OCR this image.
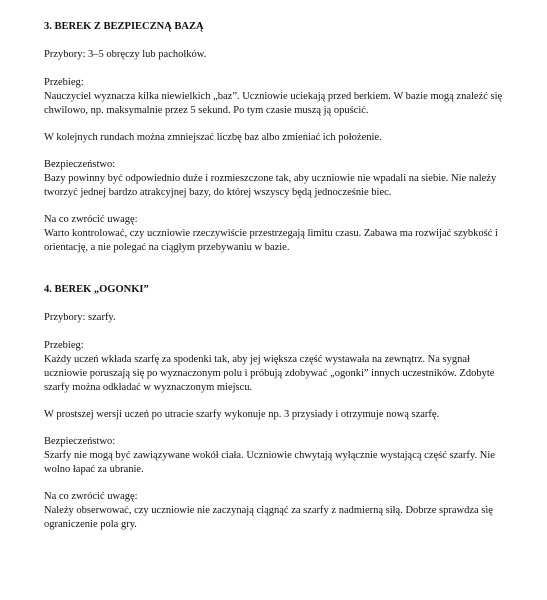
3. BEREK Z BEZPIECZNĄ BAZĄ

Przybory: 3–5 obręczy lub pachołków.

Przebieg:

Nauczyciel wyznacza kilka niewielkich „baz”. Uczniowie uciekają przed berkiem. W bazie mogą znaleźć się chwilowo, np. maksymalnie przez 5 sekund. Po tym czasie muszą ją opuścić.

W kolejnych rundach można zmniejszać liczbę baz albo zmieniać ich położenie.

Bezpieczeństwo:

Bazy powinny być odpowiednio duże i rozmieszczone tak, aby uczniowie nie wpadali na siebie. Nie należy tworzyć jednej bardzo atrakcyjnej bazy, do której wszyscy będą jednocześnie biec.

Na co zwrócić uwagę:

Warto kontrolować, czy uczniowie rzeczywiście przestrzegają limitu czasu. Zabawa ma rozwijać szybkość i orientację, a nie polegać na ciągłym przebywaniu w bazie.

4. BEREK „OGONKI”

Przybory: szarfy.

Przebieg:

Każdy uczeń wkłada szarfę za spodenki tak, aby jej większa część wystawała na zewnątrz. Na sygnał uczniowie poruszają się po wyznaczonym polu i próbują zdobywać „ogonki” innych uczestników. Zdobyte szarfy można odkładać w wyznaczonym miejscu.

W prostszej wersji uczeń po utracie szarfy wykonuje np. 3 przysiady i otrzymuje nową szarfę.

Bezpieczeństwo:

Szarfy nie mogą być zawiązywane wokół ciała. Uczniowie chwytają wyłącznie wystającą część szarfy. Nie wolno łapać za ubranie.

Na co zwrócić uwagę:

Należy obserwować, czy uczniowie nie zaczynają ciągnąć za szarfy z nadmierną siłą. Dobrze sprawdza się ograniczenie pola gry.
